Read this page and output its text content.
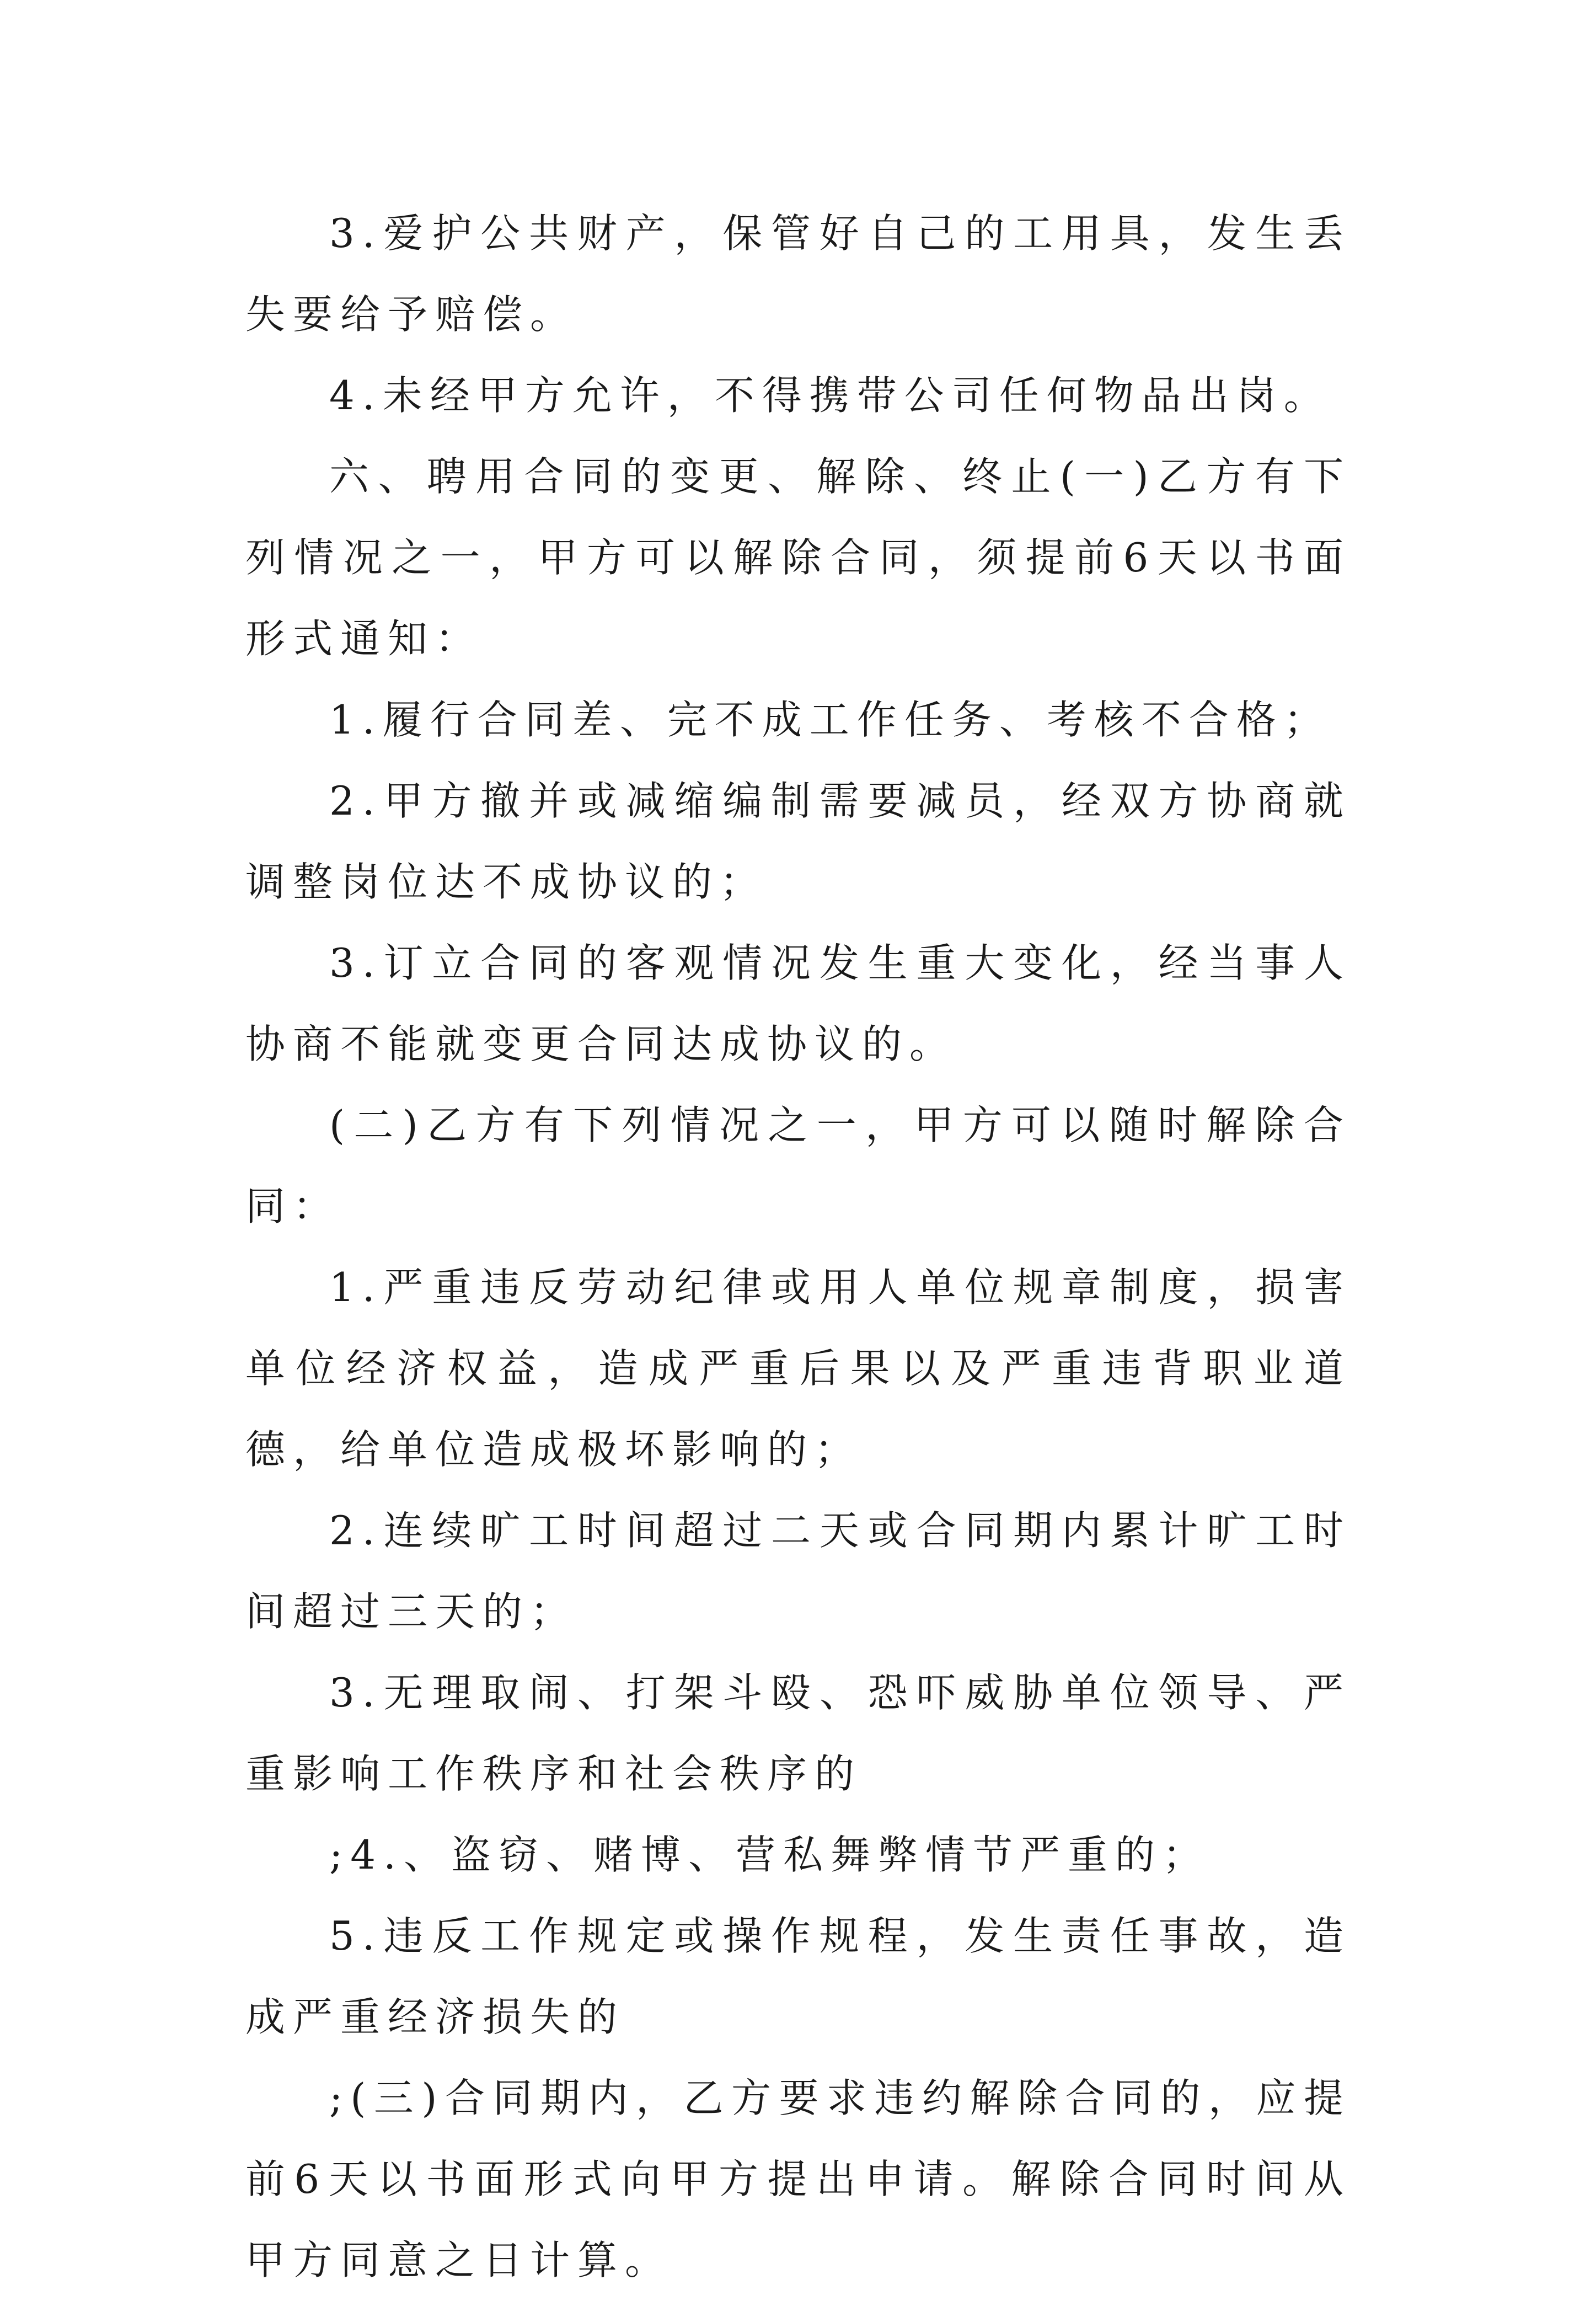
3.爱护公共财产，保管好自己的工用具，发生丢失要给予赔偿。

4.未经甲方允许，不得携带公司任何物品出岗。

六、聘用合同的变更、解除、终止(一)乙方有下列情况之一，甲方可以解除合同，须提前6天以书面形式通知：

1.履行合同差、完不成工作任务、考核不合格；

2.甲方撤并或减缩编制需要减员，经双方协商就调整岗位达不成协议的；

3.订立合同的客观情况发生重大变化，经当事人协商不能就变更合同达成协议的。

(二)乙方有下列情况之一，甲方可以随时解除合同：

1.严重违反劳动纪律或用人单位规章制度，损害单位经济权益，造成严重后果以及严重违背职业道德，给单位造成极坏影响的；

2.连续旷工时间超过二天或合同期内累计旷工时间超过三天的；

3.无理取闹、打架斗殴、恐吓威胁单位领导、严重影响工作秩序和社会秩序的

;4.、盗窃、赌博、营私舞弊情节严重的；

5.违反工作规定或操作规程，发生责任事故，造成严重经济损失的

;(三)合同期内，乙方要求违约解除合同的，应提前6天以书面形式向甲方提出申请。解除合同时间从甲方同意之日计算。
